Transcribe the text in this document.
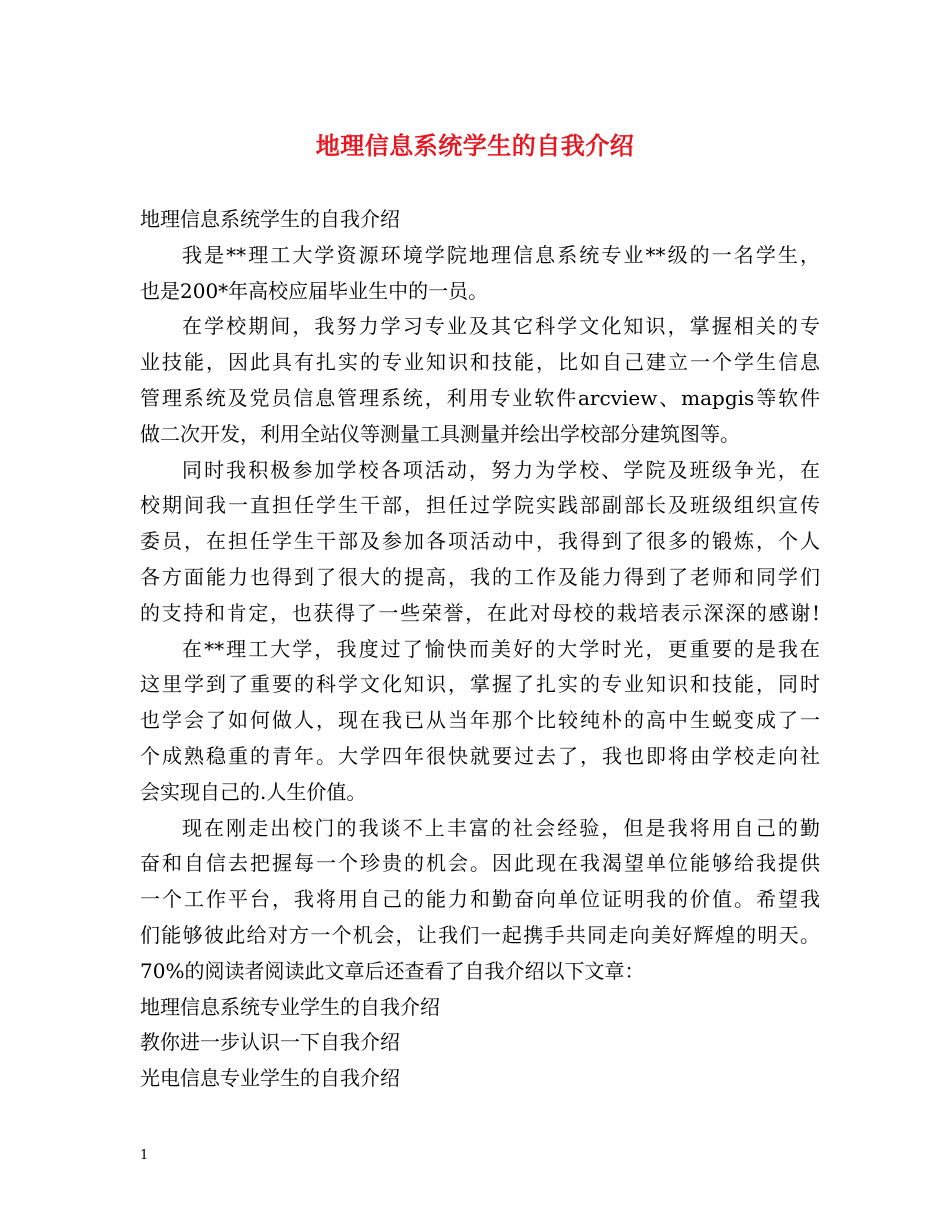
地理信息系统学生的自我介绍
地理信息系统学生的自我介绍
我是**理工大学资源环境学院地理信息系统专业**级的一名学生，
也是200*年高校应届毕业生中的一员。
在学校期间，我努力学习专业及其它科学文化知识，掌握相关的专
业技能，因此具有扎实的专业知识和技能，比如自己建立一个学生信息
管理系统及党员信息管理系统，利用专业软件arcview、mapgis等软件
做二次开发，利用全站仪等测量工具测量并绘出学校部分建筑图等。
同时我积极参加学校各项活动，努力为学校、学院及班级争光，在
校期间我一直担任学生干部，担任过学院实践部副部长及班级组织宣传
委员，在担任学生干部及参加各项活动中，我得到了很多的锻炼，个人
各方面能力也得到了很大的提高，我的工作及能力得到了老师和同学们
的支持和肯定，也获得了一些荣誉，在此对母校的栽培表示深深的感谢!
在**理工大学，我度过了愉快而美好的大学时光，更重要的是我在
这里学到了重要的科学文化知识，掌握了扎实的专业知识和技能，同时
也学会了如何做人，现在我已从当年那个比较纯朴的高中生蜕变成了一
个成熟稳重的青年。大学四年很快就要过去了，我也即将由学校走向社
会实现自己的.人生价值。
现在刚走出校门的我谈不上丰富的社会经验，但是我将用自己的勤
奋和自信去把握每一个珍贵的机会。因此现在我渴望单位能够给我提供
一个工作平台，我将用自己的能力和勤奋向单位证明我的价值。希望我
们能够彼此给对方一个机会，让我们一起携手共同走向美好辉煌的明天。
70%的阅读者阅读此文章后还查看了自我介绍以下文章：
地理信息系统专业学生的自我介绍
教你进一步认识一下自我介绍
光电信息专业学生的自我介绍
1
